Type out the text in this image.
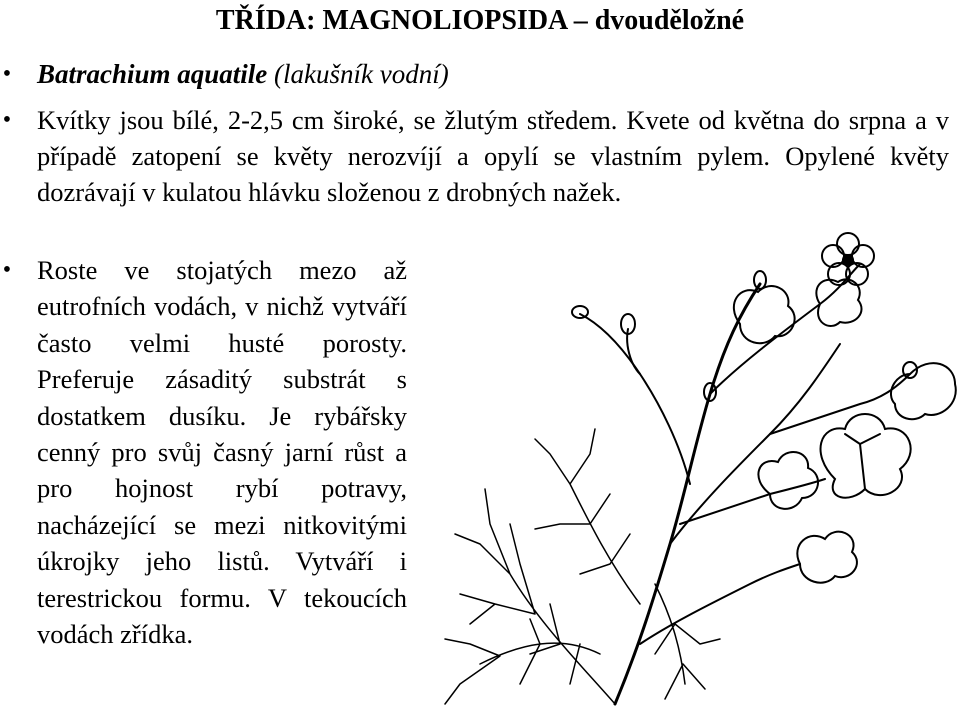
TŘÍDA: MAGNOLIOPSIDA – dvouděložné
• Batrachium aquatile (lakušník vodní)
• Kvítky jsou bílé, 2-2,5 cm široké, se žlutým středem. Kvete od května do srpna a v případě zatopení se květy nerozvíjí a opylí se vlastním pylem. Opylené květy dozrávají v kulatou hlávku složenou z drobných nažek.
• Roste ve stojatých mezo až eutrofních vodách, v nichž vytváří často velmi husté porosty. Preferuje zásaditý substrát s dostatkem dusíku. Je rybářsky cenný pro svůj časný jarní růst a pro hojnost rybí potravy, nacházející se mezi nitkovitými úkrojky jeho listů. Vytváří i terestrickou formu. V tekoucích vodách zřídka.
